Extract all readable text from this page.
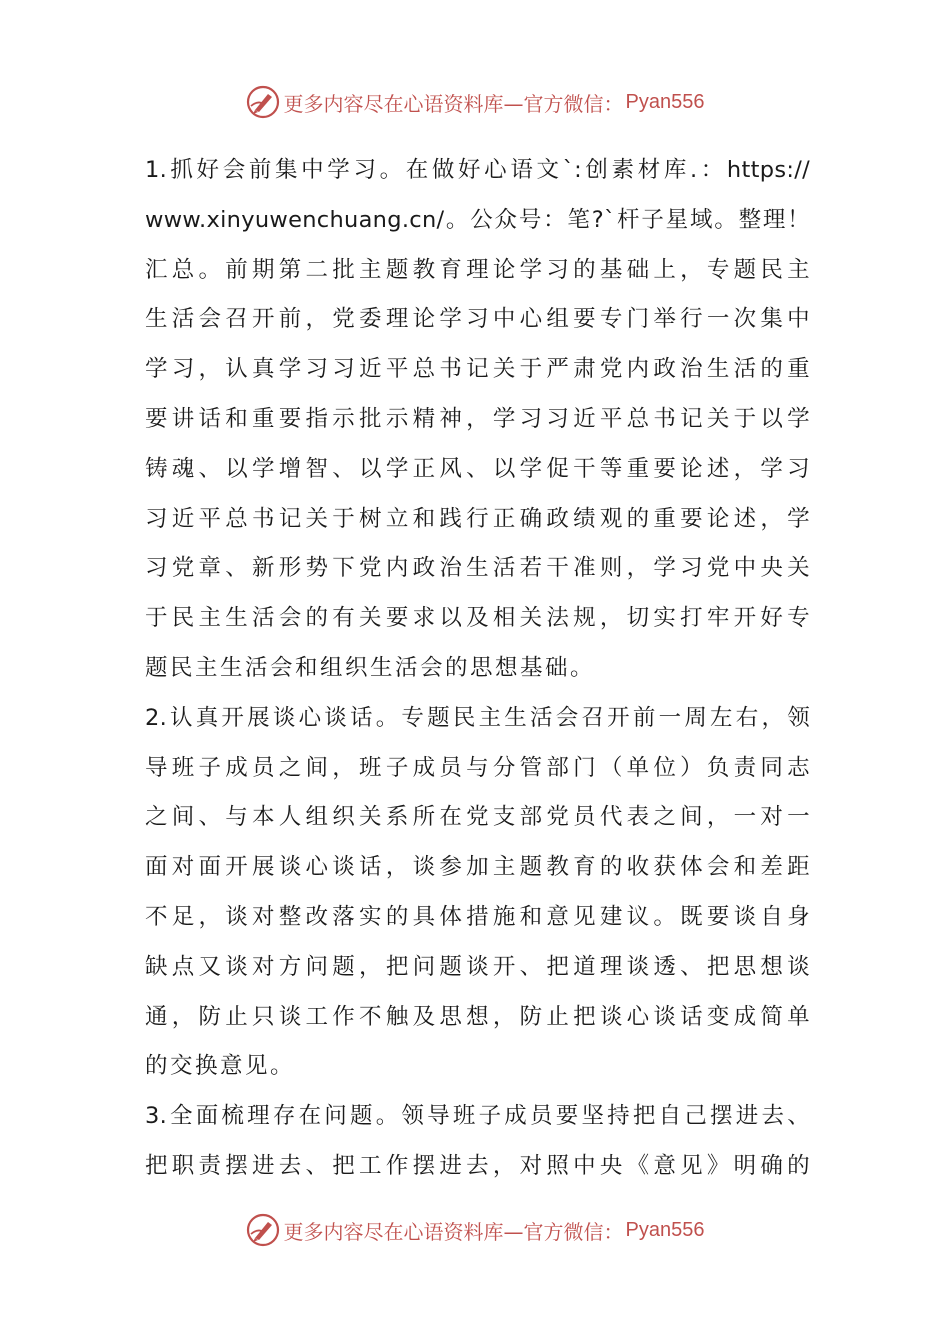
更多内容尽在心语资料库—官方微信： Pyan556
1.抓好会前集中学习。在做好心语文`:创素材库.：https://
www.xinyuwenchuang.cn/。公众号：笔?`杆子星域。整理！
汇总。前期第二批主题教育理论学习的基础上，专题民主
生活会召开前，党委理论学习中心组要专门举行一次集中
学习，认真学习习近平总书记关于严肃党内政治生活的重
要讲话和重要指示批示精神，学习习近平总书记关于以学
铸魂、以学增智、以学正风、以学促干等重要论述，学习
习近平总书记关于树立和践行正确政绩观的重要论述，学
习党章、新形势下党内政治生活若干准则，学习党中央关
于民主生活会的有关要求以及相关法规，切实打牢开好专
题民主生活会和组织生活会的思想基础。
2.认真开展谈心谈话。专题民主生活会召开前一周左右，领
导班子成员之间，班子成员与分管部门（单位）负责同志
之间、与本人组织关系所在党支部党员代表之间，一对一
面对面开展谈心谈话，谈参加主题教育的收获体会和差距
不足，谈对整改落实的具体措施和意见建议。既要谈自身
缺点又谈对方问题，把问题谈开、把道理谈透、把思想谈
通，防止只谈工作不触及思想，防止把谈心谈话变成简单
的交换意见。
3.全面梳理存在问题。领导班子成员要坚持把自己摆进去、
把职责摆进去、把工作摆进去，对照中央《意见》明确的
更多内容尽在心语资料库—官方微信： Pyan556
